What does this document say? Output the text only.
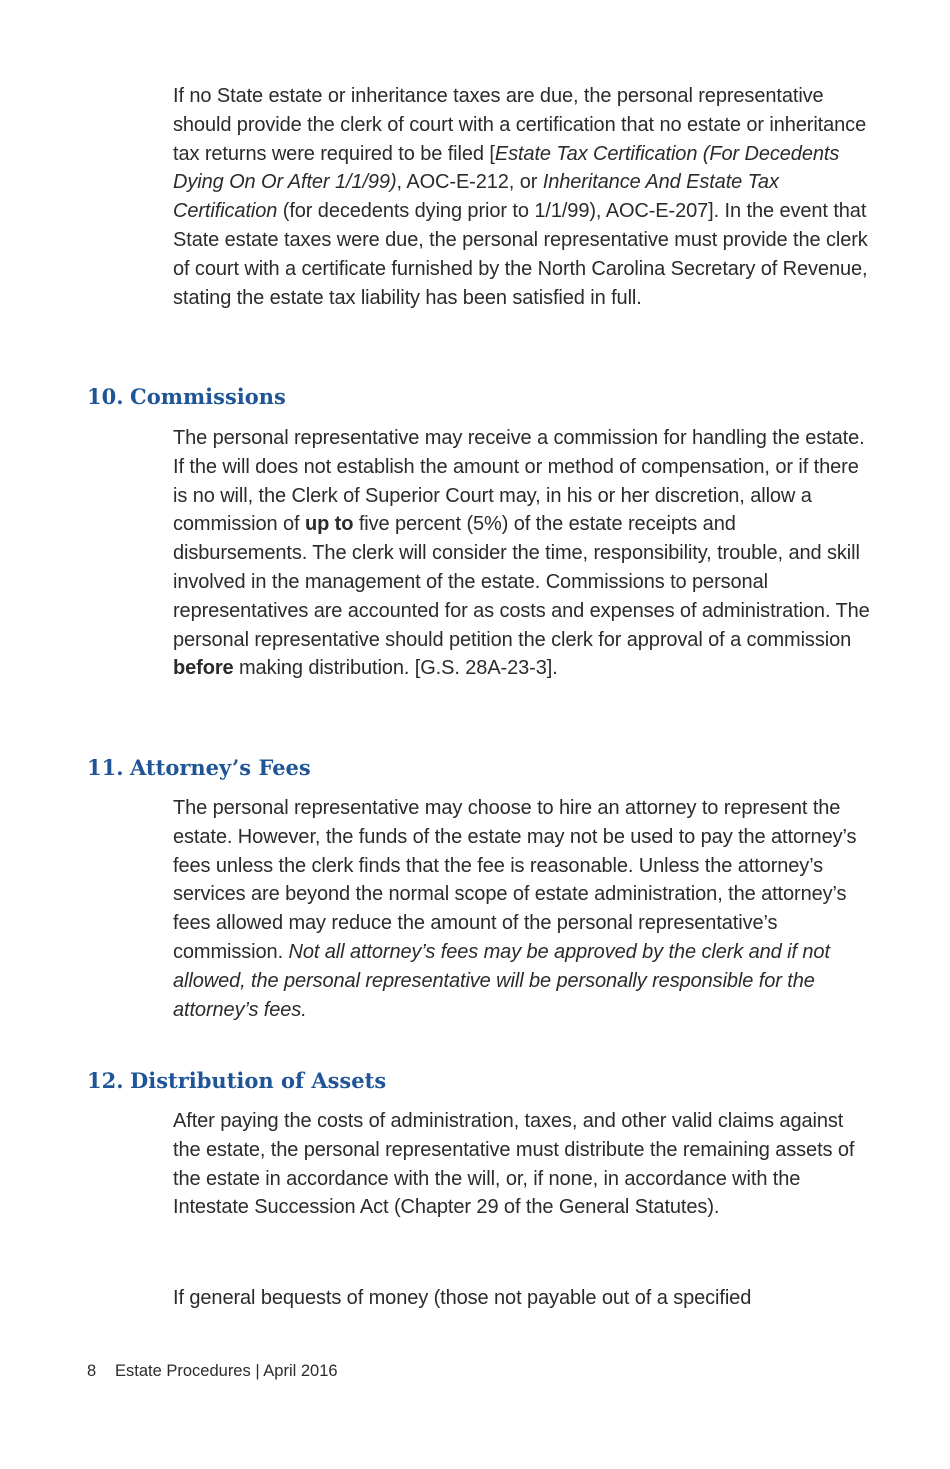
If no State estate or inheritance taxes are due, the personal representative should provide the clerk of court with a certification that no estate or inheritance tax returns were required to be filed [Estate Tax Certification (For Decedents Dying On Or After 1/1/99), AOC-E-212, or Inheritance And Estate Tax Certification (for decedents dying prior to 1/1/99), AOC-E-207]. In the event that State estate taxes were due, the personal representative must provide the clerk of court with a certificate furnished by the North Carolina Secretary of Revenue, stating the estate tax liability has been satisfied in full.

10. Commissions

The personal representative may receive a commission for handling the estate. If the will does not establish the amount or method of compensation, or if there is no will, the Clerk of Superior Court may, in his or her discretion, allow a commission of up to five percent (5%) of the estate receipts and disbursements. The clerk will consider the time, responsibility, trouble, and skill involved in the management of the estate. Commissions to personal representatives are accounted for as costs and expenses of administration. The personal representative should petition the clerk for approval of a commission before making distribution. [G.S. 28A-23-3].

11. Attorney’s Fees

The personal representative may choose to hire an attorney to represent the estate. However, the funds of the estate may not be used to pay the attorney’s fees unless the clerk finds that the fee is reasonable. Unless the attorney’s services are beyond the normal scope of estate administration, the attorney’s fees allowed may reduce the amount of the personal representative’s commission. Not all attorney’s fees may be approved by the clerk and if not allowed, the personal representative will be personally responsible for the attorney’s fees.

12. Distribution of Assets

After paying the costs of administration, taxes, and other valid claims against the estate, the personal representative must distribute the remaining assets of the estate in accordance with the will, or, if none, in accordance with the Intestate Succession Act (Chapter 29 of the General Statutes).

If general bequests of money (those not payable out of a specified

8 Estate Procedures | April 2016
